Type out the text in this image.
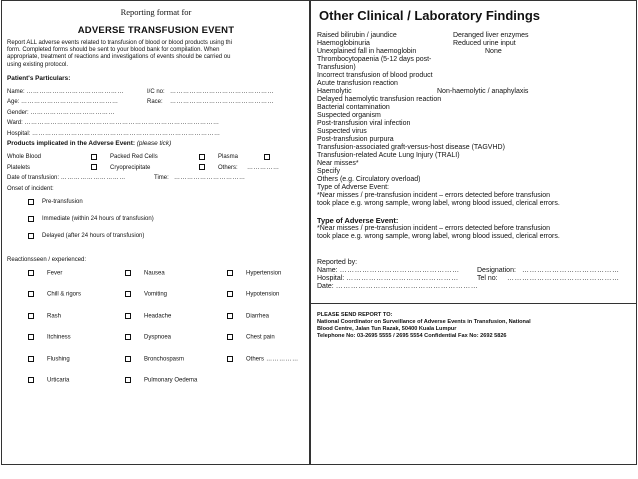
Reporting format for
ADVERSE TRANSFUSION EVENT
Report ALL adverse events related to transfusion of blood or blood products using thi
form. Completed forms should be sent to your blood bank for compilation. When
appropriate, treatment of reactions and investigations of events should be carried ou
using existing protocol.
Patient's Particulars:
Name: ………………………………………	I/C no: …………………………………………
Age: ………………………………………	Race: …………………………………………
Gender: …………………………………
Ward: ………………………………………………………………………………
Hospital: ……………………………………………………………………………
Products implicated in the Adverse Event: (please tick)
Whole Blood	Packed Red Cells	Plasma
Platelets	Cryoprecipitate	Others: ……………
Date of transfusion: …………………………	Time: ……………………………
Onset of incident:
Pre-transfusion
Immediate (within 24 hours of transfusion)
Delayed (after 24 hours of transfusion)
Reactionsseen / experienced:
Fever	Nausea	Hypertension
Chill & rigors	Vomiting	Hypotension
Rash	Headache	Diarrhea
Itchiness	Dyspnoea	Chest pain
Flushing	Bronchospasm	Others ……………
Urticaria	Pulmonary Oedema
Other Clinical / Laboratory Findings
Raised bilirubin / jaundice	Deranged liver enzymes
Haemoglobinuria	Reduced urine input
Unexplained fall in haemoglobin	None
Thrombocytopaenia (5-12 days post-
Transfusion)
Incorrect transfusion of blood product
Acute transfusion reaction
Haemolytic	Non-haemolytic / anaphylaxis
Delayed haemolytic transfusion reaction
Bacterial contamination
Suspected organism
Post-transfusion viral infection
Suspected virus
Post-transfusion purpura
Transfusion-associated graft-versus-host disease (TAGVHD)
Transfusion-related Acute Lung Injury (TRALI)
Near misses*
Specify
Others (e.g. Circulatory overload)
Type of Adverse Event:
*Near misses / pre-transfusion incident – errors detected before transfusion
took place e.g. wrong sample, wrong label, wrong blood issued, clerical errors.
Type of Adverse Event:
*Near misses / pre-transfusion incident – errors detected before transfusion
took place e.g. wrong sample, wrong label, wrong blood issued, clerical errors.
Reported by:
Name: ………………………………………… Designation: …………………………………
Hospital: ………………………………………	Tel no: ………………………………………
Date: …………………………………………………
PLEASE SEND REPORT TO:
National Coordinator on Surveillance of Adverse Events in Transfusion, National
Blood Centre, Jalan Tun Razak, 50400 Kuala Lumpur
Telephone No: 03-2695 5555 / 2695 5554 Confidential Fax No: 2692 5826
